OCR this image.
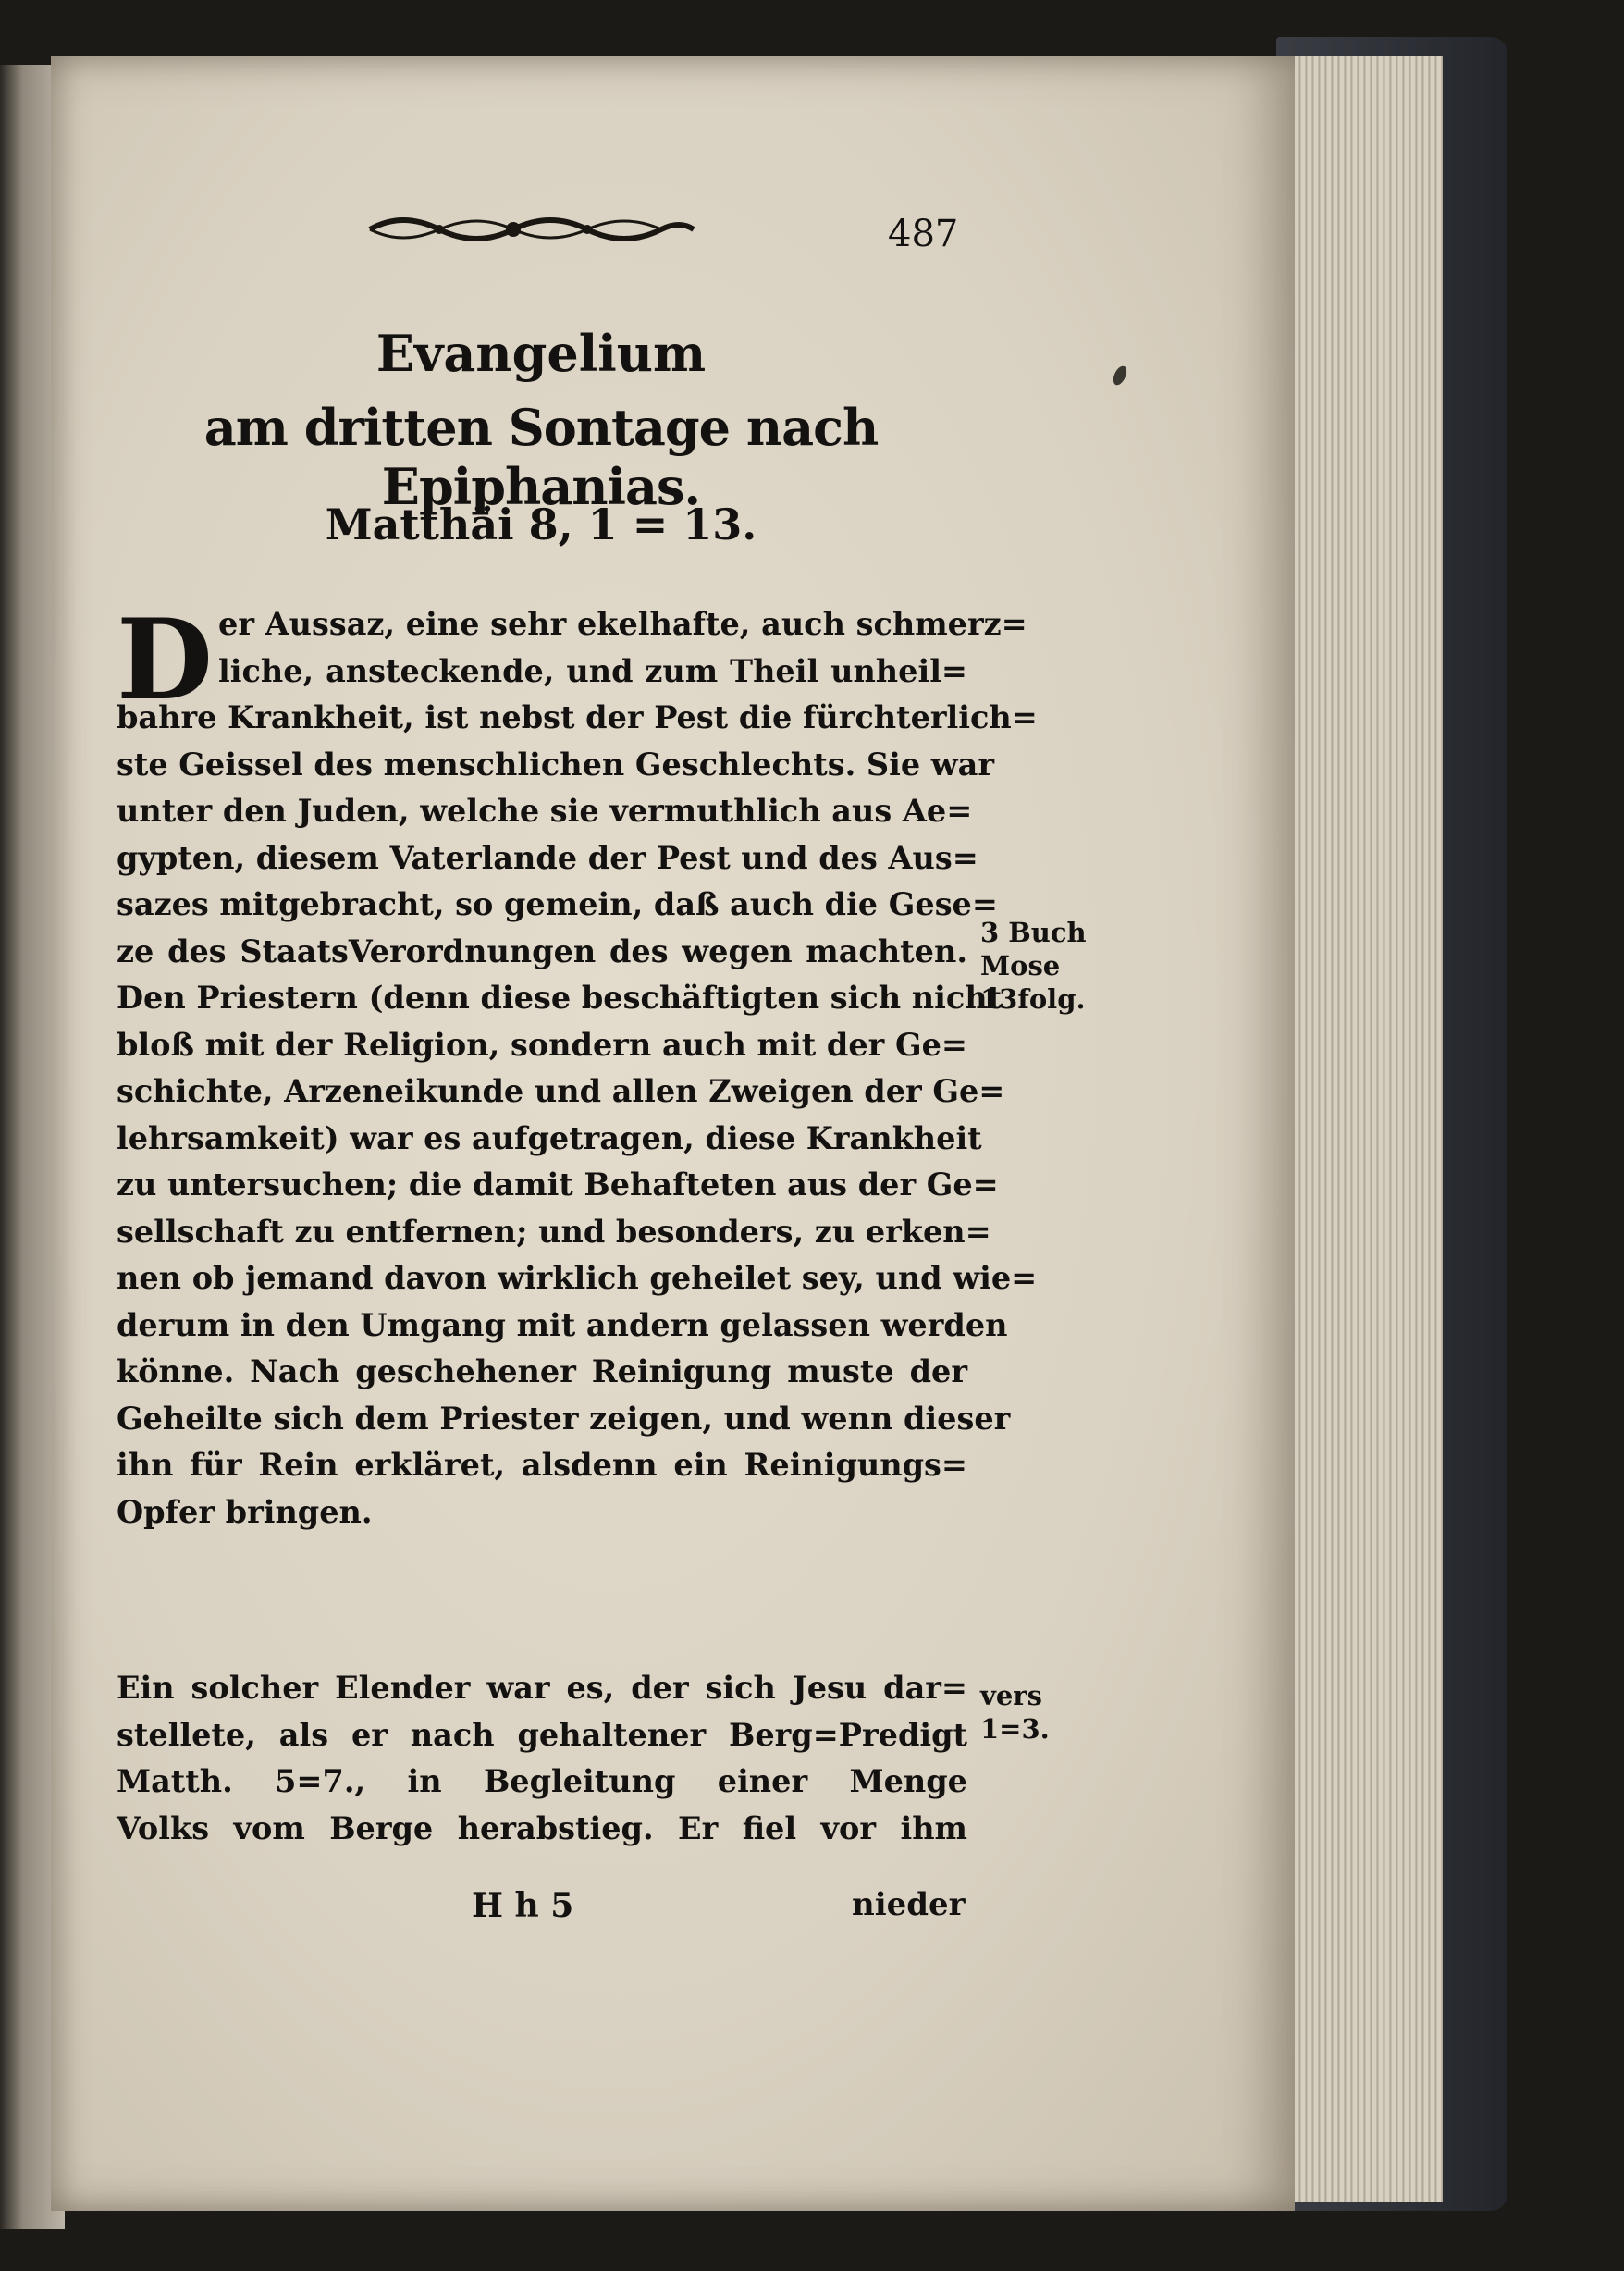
487
Evangelium
am dritten Sontage nach Epiphanias.
Matthäi 8, 1 = 13.
D er Aussaz, eine sehr ekelhafte, auch schmerz=
liche, ansteckende, und zum Theil unheil=
bahre Krankheit, ist nebst der Pest die fürchterlich=
ste Geissel des menschlichen Geschlechts. Sie war
unter den Juden, welche sie vermuthlich aus Ae=
gypten, diesem Vaterlande der Pest und des Aus=
sazes mitgebracht, so gemein, daß auch die Gese=
ze des StaatsVerordnungen des wegen machten.
Den Priestern (denn diese beschäftigten sich nicht
bloß mit der Religion, sondern auch mit der Ge=
schichte, Arzeneikunde und allen Zweigen der Ge=
lehrsamkeit) war es aufgetragen, diese Krankheit
zu untersuchen; die damit Behafteten aus der Ge=
sellschaft zu entfernen; und besonders, zu erken=
nen ob jemand davon wirklich geheilet sey, und wie=
derum in den Umgang mit andern gelassen werden
könne. Nach geschehener Reinigung muste der
Geheilte sich dem Priester zeigen, und wenn dieser
ihn für Rein erkläret, alsdenn ein Reinigungs=
Opfer bringen.
3 Buch
Mose
13folg.
Ein solcher Elender war es, der sich Jesu dar=
stellete, als er nach gehaltener Berg=Predigt
Matth. 5=7., in Begleitung einer Menge
Volks vom Berge herabstieg. Er fiel vor ihm
vers
1=3.
H h 5	nieder
